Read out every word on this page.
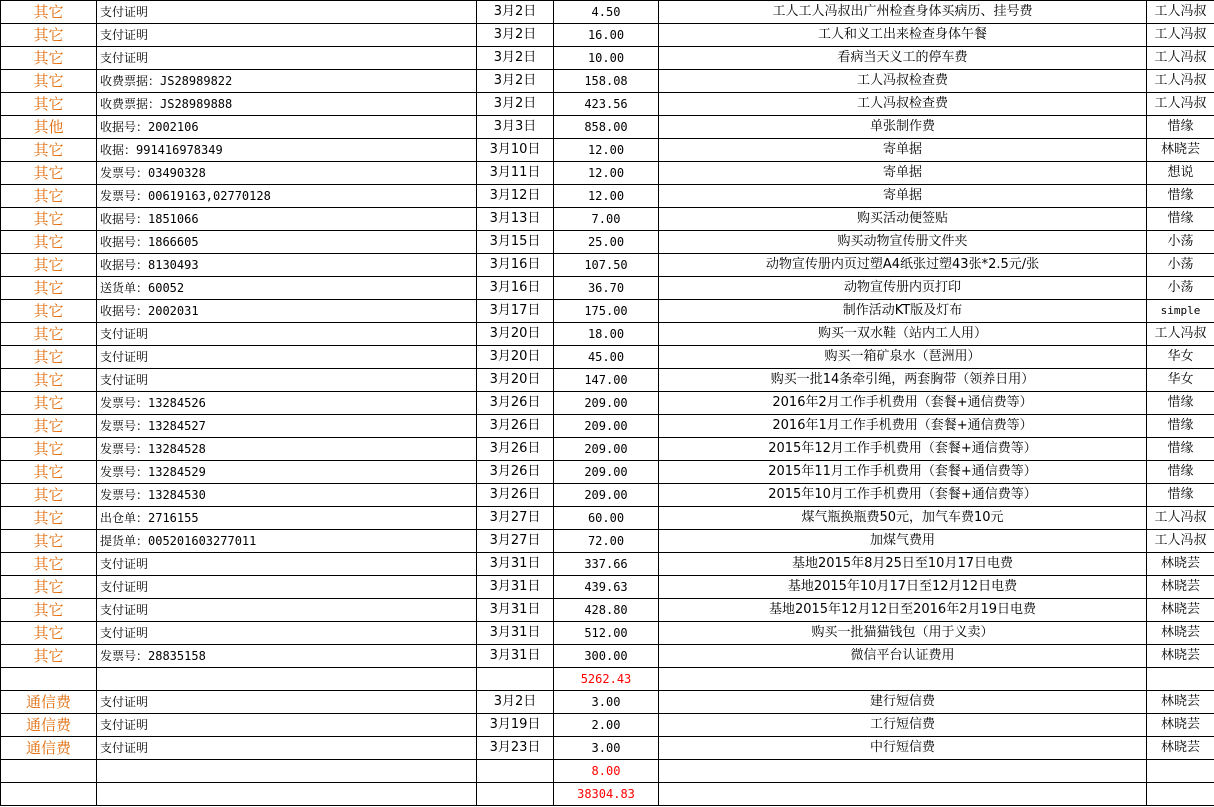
其它	支付证明	3月2日	4.50	工人工人冯叔出广州检查身体买病历、挂号费	工人冯叔
其它	支付证明	3月2日	16.00	工人和义工出来检查身体午餐	工人冯叔
其它	支付证明	3月2日	10.00	看病当天义工的停车费	工人冯叔
其它	收费票据：JS28989822	3月2日	158.08	工人冯叔检查费	工人冯叔
其它	收费票据：JS28989888	3月2日	423.56	工人冯叔检查费	工人冯叔
其他	收据号：2002106	3月3日	858.00	单张制作费	惜缘
其它	收据：991416978349	3月10日	12.00	寄单据	林晓芸
其它	发票号：03490328	3月11日	12.00	寄单据	想说
其它	发票号：00619163,02770128	3月12日	12.00	寄单据	惜缘
其它	收据号：1851066	3月13日	7.00	购买活动便签贴	惜缘
其它	收据号：1866605	3月15日	25.00	购买动物宣传册文件夹	小荡
其它	收据号：8130493	3月16日	107.50	动物宣传册内页过塑A4纸张过塑43张*2.5元/张	小荡
其它	送货单：60052	3月16日	36.70	动物宣传册内页打印	小荡
其它	收据号：2002031	3月17日	175.00	制作活动KT版及灯布	simple
其它	支付证明	3月20日	18.00	购买一双水鞋（站内工人用）	工人冯叔
其它	支付证明	3月20日	45.00	购买一箱矿泉水（琶洲用）	华女
其它	支付证明	3月20日	147.00	购买一批14条牵引绳，两套胸带（领养日用）	华女
其它	发票号：13284526	3月26日	209.00	2016年2月工作手机费用（套餐+通信费等）	惜缘
其它	发票号：13284527	3月26日	209.00	2016年1月工作手机费用（套餐+通信费等）	惜缘
其它	发票号：13284528	3月26日	209.00	2015年12月工作手机费用（套餐+通信费等）	惜缘
其它	发票号：13284529	3月26日	209.00	2015年11月工作手机费用（套餐+通信费等）	惜缘
其它	发票号：13284530	3月26日	209.00	2015年10月工作手机费用（套餐+通信费等）	惜缘
其它	出仓单：2716155	3月27日	60.00	煤气瓶换瓶费50元，加气车费10元	工人冯叔
其它	提货单：005201603277011	3月27日	72.00	加煤气费用	工人冯叔
其它	支付证明	3月31日	337.66	基地2015年8月25日至10月17日电费	林晓芸
其它	支付证明	3月31日	439.63	基地2015年10月17日至12月12日电费	林晓芸
其它	支付证明	3月31日	428.80	基地2015年12月12日至2016年2月19日电费	林晓芸
其它	支付证明	3月31日	512.00	购买一批猫猫钱包（用于义卖）	林晓芸
其它	发票号：28835158	3月31日	300.00	微信平台认证费用	林晓芸
			5262.43		
通信费	支付证明	3月2日	3.00	建行短信费	林晓芸
通信费	支付证明	3月19日	2.00	工行短信费	林晓芸
通信费	支付证明	3月23日	3.00	中行短信费	林晓芸
			8.00		
			38304.83		
